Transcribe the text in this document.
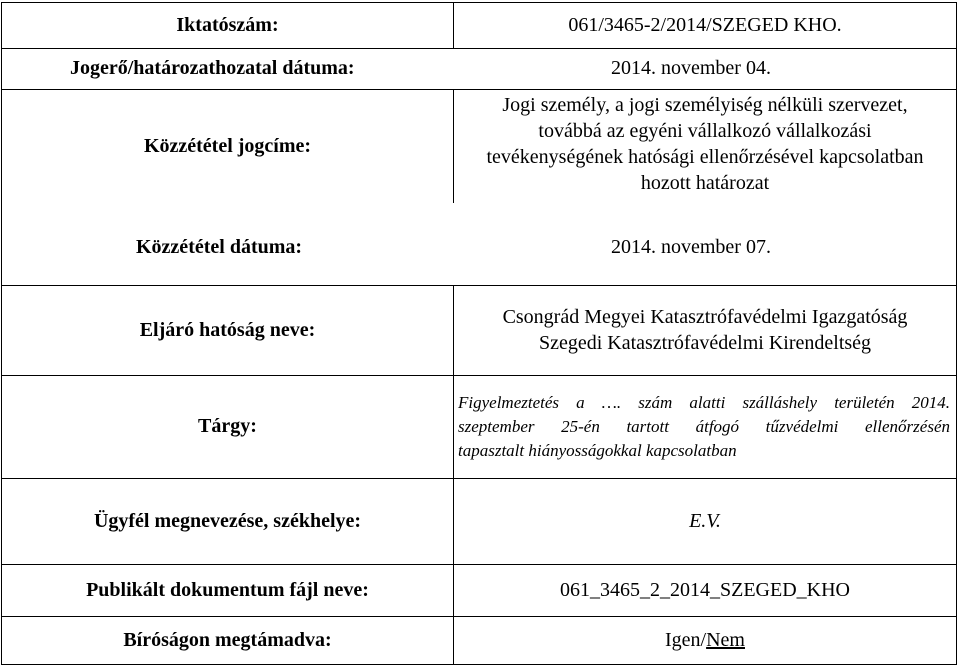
Iktatószám:	061/3465-2/2014/SZEGED KHO.
Jogerő/határozathozatal dátuma:	2014. november 04.
Közzététel jogcíme:	
Jogi személy, a jogi személyiség nélküli szervezet,
továbbá az egyéni vállalkozó vállalkozási
tevékenységének hatósági ellenőrzésével kapcsolatban
hozott határozat
Közzététel dátuma:	2014. november 07.
Eljáró hatóság neve:	Csongrád Megyei Katasztrófavédelmi Igazgatóság
Szegedi Katasztrófavédelmi Kirendeltség

Tárgy:	Figyelmeztetés a …. szám alatti szálláshely területén 2014.
szeptember 25-én tartott átfogó tűzvédelmi ellenőrzésén
tapasztalt hiányosságokkal kapcsolatban

Ügyfél megnevezése, székhelye:	E.V.
Publikált dokumentum fájl neve:	061_3465_2_2014_SZEGED_KHO
Bíróságon megtámadva:	Igen/Nem
